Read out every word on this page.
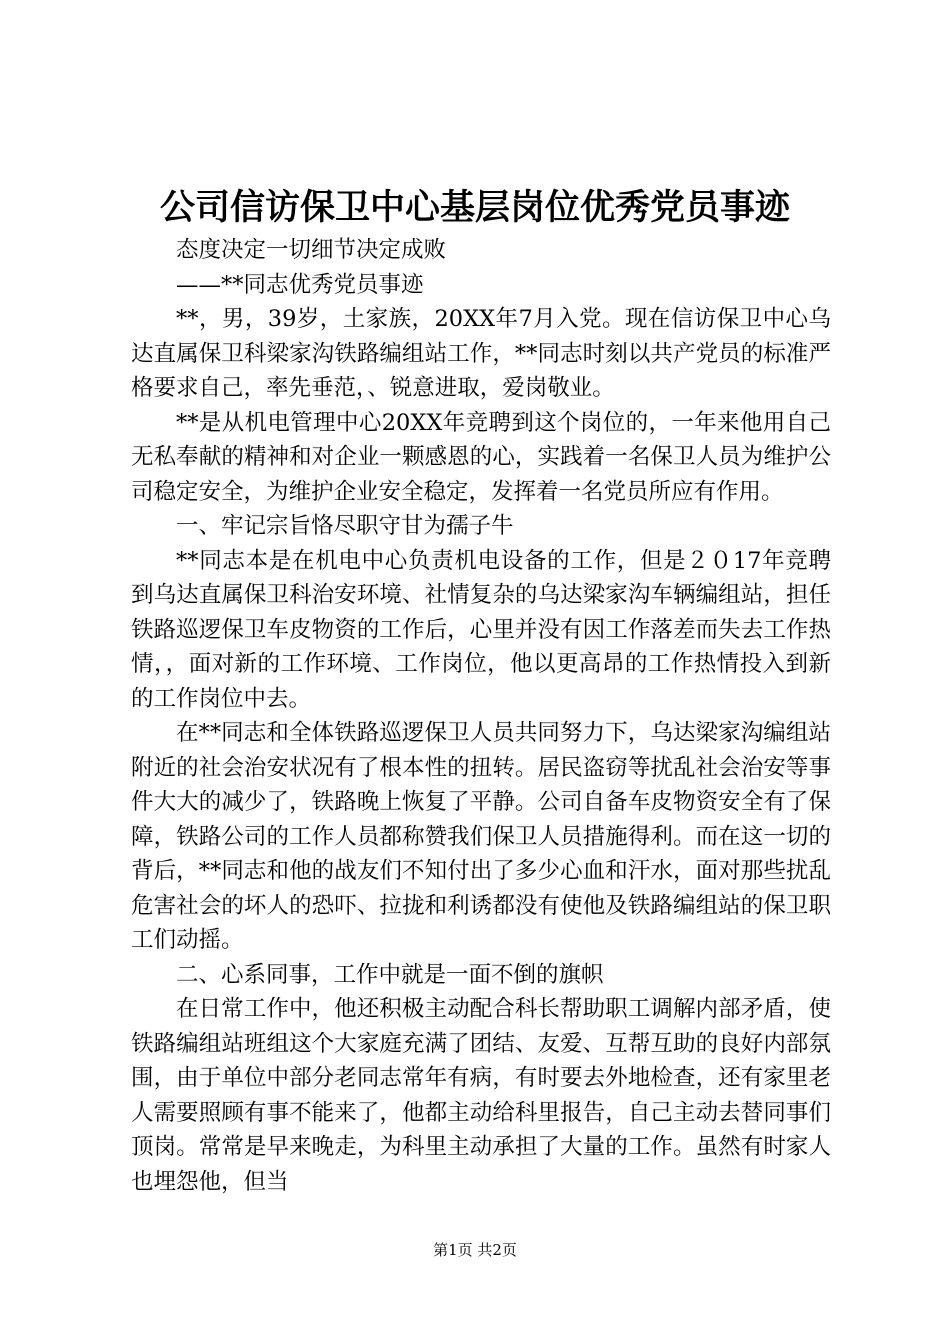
公司信访保卫中心基层岗位优秀党员事迹

态度决定一切细节决定成败

——**同志优秀党员事迹

**，男，39岁，土家族，20XX年7月入党。现在信访保卫中心乌达直属保卫科梁家沟铁路编组站工作，**同志时刻以共产党员的标准严格要求自己，率先垂范，、锐意进取，爱岗敬业。

**是从机电管理中心20XX年竞聘到这个岗位的，一年来他用自己无私奉献的精神和对企业一颗感恩的心，实践着一名保卫人员为维护公司稳定安全，为维护企业安全稳定，发挥着一名党员所应有作用。

一、牢记宗旨恪尽职守甘为孺子牛

**同志本是在机电中心负责机电设备的工作，但是２０17年竞聘到乌达直属保卫科治安环境、社情复杂的乌达梁家沟车辆编组站，担任铁路巡逻保卫车皮物资的工作后，心里并没有因工作落差而失去工作热情，，面对新的工作环境、工作岗位，他以更高昂的工作热情投入到新的工作岗位中去。

在**同志和全体铁路巡逻保卫人员共同努力下，乌达梁家沟编组站附近的社会治安状况有了根本性的扭转。居民盗窃等扰乱社会治安等事件大大的减少了，铁路晚上恢复了平静。公司自备车皮物资安全有了保障，铁路公司的工作人员都称赞我们保卫人员措施得利。而在这一切的背后，**同志和他的战友们不知付出了多少心血和汗水，面对那些扰乱危害社会的坏人的恐吓、拉拢和利诱都没有使他及铁路编组站的保卫职工们动摇。

二、心系同事，工作中就是一面不倒的旗帜

在日常工作中，他还积极主动配合科长帮助职工调解内部矛盾，使铁路编组站班组这个大家庭充满了团结、友爱、互帮互助的良好内部氛围，由于单位中部分老同志常年有病，有时要去外地检查，还有家里老人需要照顾有事不能来了，他都主动给科里报告，自己主动去替同事们顶岗。常常是早来晚走，为科里主动承担了大量的工作。虽然有时家人也埋怨他，但当

第1页 共2页
